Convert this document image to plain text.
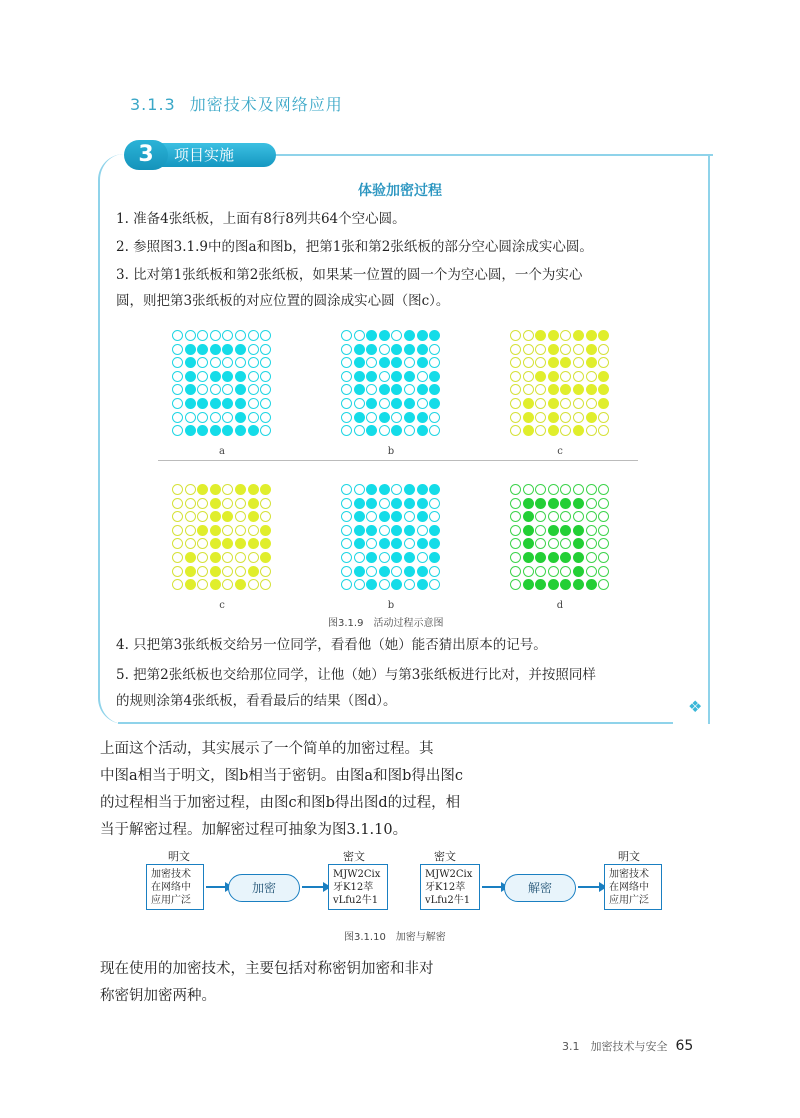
3.1.3 加密技术及网络应用
项目实施
3
❖
体验加密过程
1. 准备4张纸板，上面有8行8列共64个空心圆。
2. 参照图3.1.9中的图a和图b，把第1张和第2张纸板的部分空心圆涂成实心圆。
3. 比对第1张纸板和第2张纸板，如果某一位置的圆一个为空心圆，一个为实心
圆，则把第3张纸板的对应位置的圆涂成实心圆（图c）。
a	b	c
c	b	d
图3.1.9　活动过程示意图
4. 只把第3张纸板交给另一位同学，看看他（她）能否猜出原本的记号。
5. 把第2张纸板也交给那位同学，让他（她）与第3张纸板进行比对，并按照同样
的规则涂第4张纸板，看看最后的结果（图d）。
上面这个活动，其实展示了一个简单的加密过程。其
中图a相当于明文，图b相当于密钥。由图a和图b得出图c
的过程相当于加密过程，由图c和图b得出图d的过程，相
当于解密过程。加解密过程可抽象为图3.1.10。
明文
加密技术
在网络中
应用广泛
加密
密文
MJW2Cix
牙K12萃
vLfu2牛1
密文
MJW2Cix
牙K12萃
vLfu2牛1
解密
明文
加密技术
在网络中
应用广泛
图3.1.10　加密与解密
现在使用的加密技术，主要包括对称密钥加密和非对
称密钥加密两种。
3.1　加密技术与安全 65
